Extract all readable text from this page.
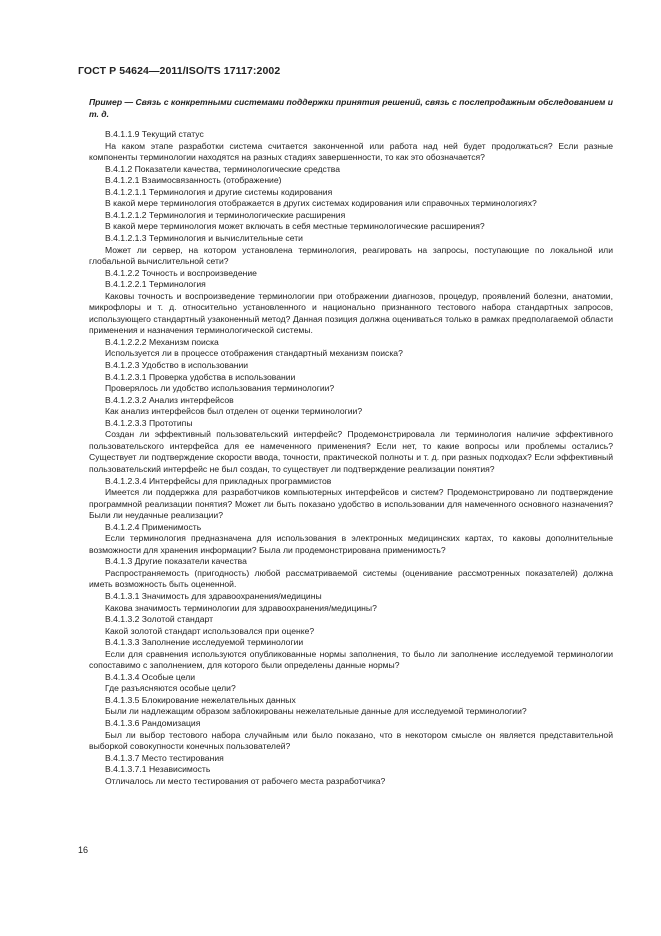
ГОСТ Р 54624—2011/ISO/TS 17117:2002

Пример — Связь с конкретными системами поддержки принятия решений, связь с послепродажным обследованием и т. д.

В.4.1.1.9 Текущий статус

На каком этапе разработки система считается законченной или работа над ней будет продолжаться? Если разные компоненты терминологии находятся на разных стадиях завершенности, то как это обозначается?

В.4.1.2 Показатели качества, терминологические средства

В.4.1.2.1 Взаимосвязанность (отображение)

В.4.1.2.1.1 Терминология и другие системы кодирования

В какой мере терминология отображается в других системах кодирования или справочных терминологиях?

В.4.1.2.1.2 Терминология и терминологические расширения

В какой мере терминология может включать в себя местные терминологические расширения?

В.4.1.2.1.3 Терминология и вычислительные сети

Может ли сервер, на котором установлена терминология, реагировать на запросы, поступающие по локальной или глобальной вычислительной сети?

В.4.1.2.2 Точность и воспроизведение

В.4.1.2.2.1 Терминология

Каковы точность и воспроизведение терминологии при отображении диагнозов, процедур, проявлений болезни, анатомии, микрофлоры и т. д. относительно установленного и национально признанного тестового набора стандартных запросов, использующего стандартный узаконенный метод? Данная позиция должна оцениваться только в рамках предполагаемой области применения и назначения терминологической системы.

В.4.1.2.2.2 Механизм поиска

Используется ли в процессе отображения стандартный механизм поиска?

В.4.1.2.3 Удобство в использовании

В.4.1.2.3.1 Проверка удобства в использовании

Проверялось ли удобство использования терминологии?

В.4.1.2.3.2 Анализ интерфейсов

Как анализ интерфейсов был отделен от оценки терминологии?

В.4.1.2.3.3 Прототипы

Создан ли эффективный пользовательский интерфейс? Продемонстрировала ли терминология наличие эффективного пользовательского интерфейса для ее намеченного применения? Если нет, то какие вопросы или проблемы остались? Существует ли подтверждение скорости ввода, точности, практической полноты и т. д. при разных подходах? Если эффективный пользовательский интерфейс не был создан, то существует ли подтверждение реализации понятия?

В.4.1.2.3.4 Интерфейсы для прикладных программистов

Имеется ли поддержка для разработчиков компьютерных интерфейсов и систем? Продемонстрировано ли подтверждение программной реализации понятия? Может ли быть показано удобство в использовании для намеченного основного назначения? Были ли неудачные реализации?

В.4.1.2.4 Применимость

Если терминология предназначена для использования в электронных медицинских картах, то каковы дополнительные возможности для хранения информации? Была ли продемонстрирована применимость?

В.4.1.3 Другие показатели качества

Распространяемость (пригодность) любой рассматриваемой системы (оценивание рассмотренных показателей) должна иметь возможность быть оцененной.

В.4.1.3.1 Значимость для здравоохранения/медицины

Какова значимость терминологии для здравоохранения/медицины?

В.4.1.3.2 Золотой стандарт

Какой золотой стандарт использовался при оценке?

В.4.1.3.3 Заполнение исследуемой терминологии

Если для сравнения используются опубликованные нормы заполнения, то было ли заполнение исследуемой терминологии сопоставимо с заполнением, для которого были определены данные нормы?

В.4.1.3.4 Особые цели

Где разъясняются особые цели?

В.4.1.3.5 Блокирование нежелательных данных

Были ли надлежащим образом заблокированы нежелательные данные для исследуемой терминологии?

В.4.1.3.6 Рандомизация

Был ли выбор тестового набора случайным или было показано, что в некотором смысле он является представительной выборкой совокупности конечных пользователей?

В.4.1.3.7 Место тестирования

В.4.1.3.7.1 Независимость

Отличалось ли место тестирования от рабочего места разработчика?

16
